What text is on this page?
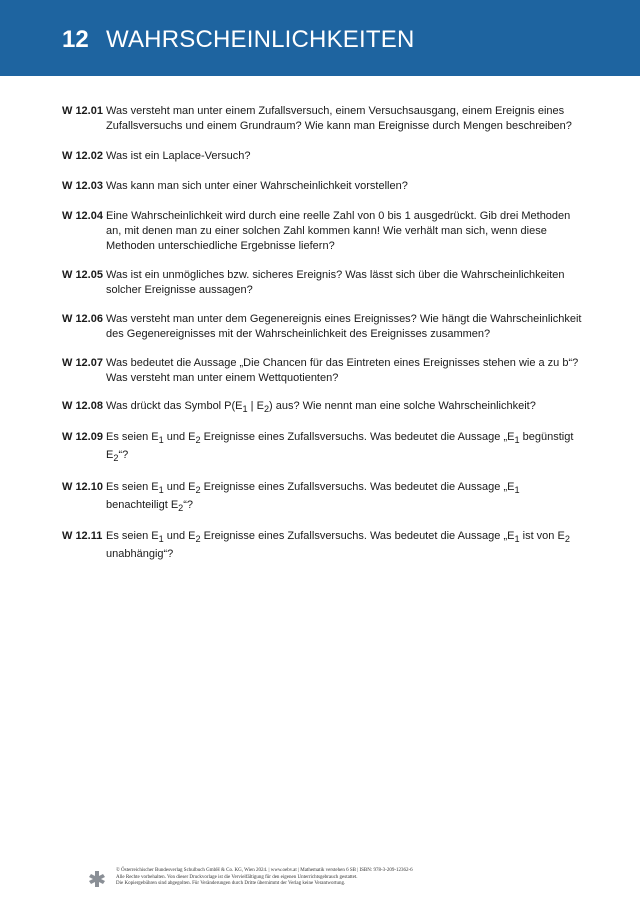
12 WAHRSCHEINLICHKEITEN
W 12.01 Was versteht man unter einem Zufallsversuch, einem Versuchsausgang, einem Ereignis eines Zufallsversuchs und einem Grundraum? Wie kann man Ereignisse durch Mengen beschreiben?
W 12.02 Was ist ein Laplace-Versuch?
W 12.03 Was kann man sich unter einer Wahrscheinlichkeit vorstellen?
W 12.04 Eine Wahrscheinlichkeit wird durch eine reelle Zahl von 0 bis 1 ausgedrückt. Gib drei Methoden an, mit denen man zu einer solchen Zahl kommen kann! Wie verhält man sich, wenn diese Methoden unterschiedliche Ergebnisse liefern?
W 12.05 Was ist ein unmögliches bzw. sicheres Ereignis? Was lässt sich über die Wahrscheinlichkeiten solcher Ereignisse aussagen?
W 12.06 Was versteht man unter dem Gegenereignis eines Ereignisses? Wie hängt die Wahrscheinlichkeit des Gegenereignisses mit der Wahrscheinlichkeit des Ereignisses zusammen?
W 12.07 Was bedeutet die Aussage „Die Chancen für das Eintreten eines Ereignisses stehen wie a zu b“? Was versteht man unter einem Wettquotienten?
W 12.08 Was drückt das Symbol $P(E_1$ | $E_2$) aus? Wie nennt man eine solche Wahrscheinlichkeit?
W 12.09 Es seien $E_1$ und $E_2$ Ereignisse eines Zufallsversuchs. Was bedeutet die Aussage $„E_1$ begünstigt $E_2“$?
W 12.10 Es seien $E_1$ und $E_2$ Ereignisse eines Zufallsversuchs. Was bedeutet die Aussage $„E_1$ benachteiligt $E_2“$?
W 12.11 Es seien $E_1$ und $E_2$ Ereignisse eines Zufallsversuchs. Was bedeutet die Aussage $„E_1$ ist von $E_2$ unabhängig“?
© Österreichischer Bundesverlag Schulbuch GmbH & Co. KG, Wien 2024. | www.oebv.at | Mathematik verstehen 6 SB | ISBN: 978-3-209-12362-6
Alle Rechte vorbehalten. Von dieser Druckvorlage ist die Vervielfältigung für den eigenen Unterrichtsgebrauch gestattet.
Die Kopiergebühren sind abgegolten. Für Veränderungen durch Dritte übernimmt der Verlag keine Verantwortung.
